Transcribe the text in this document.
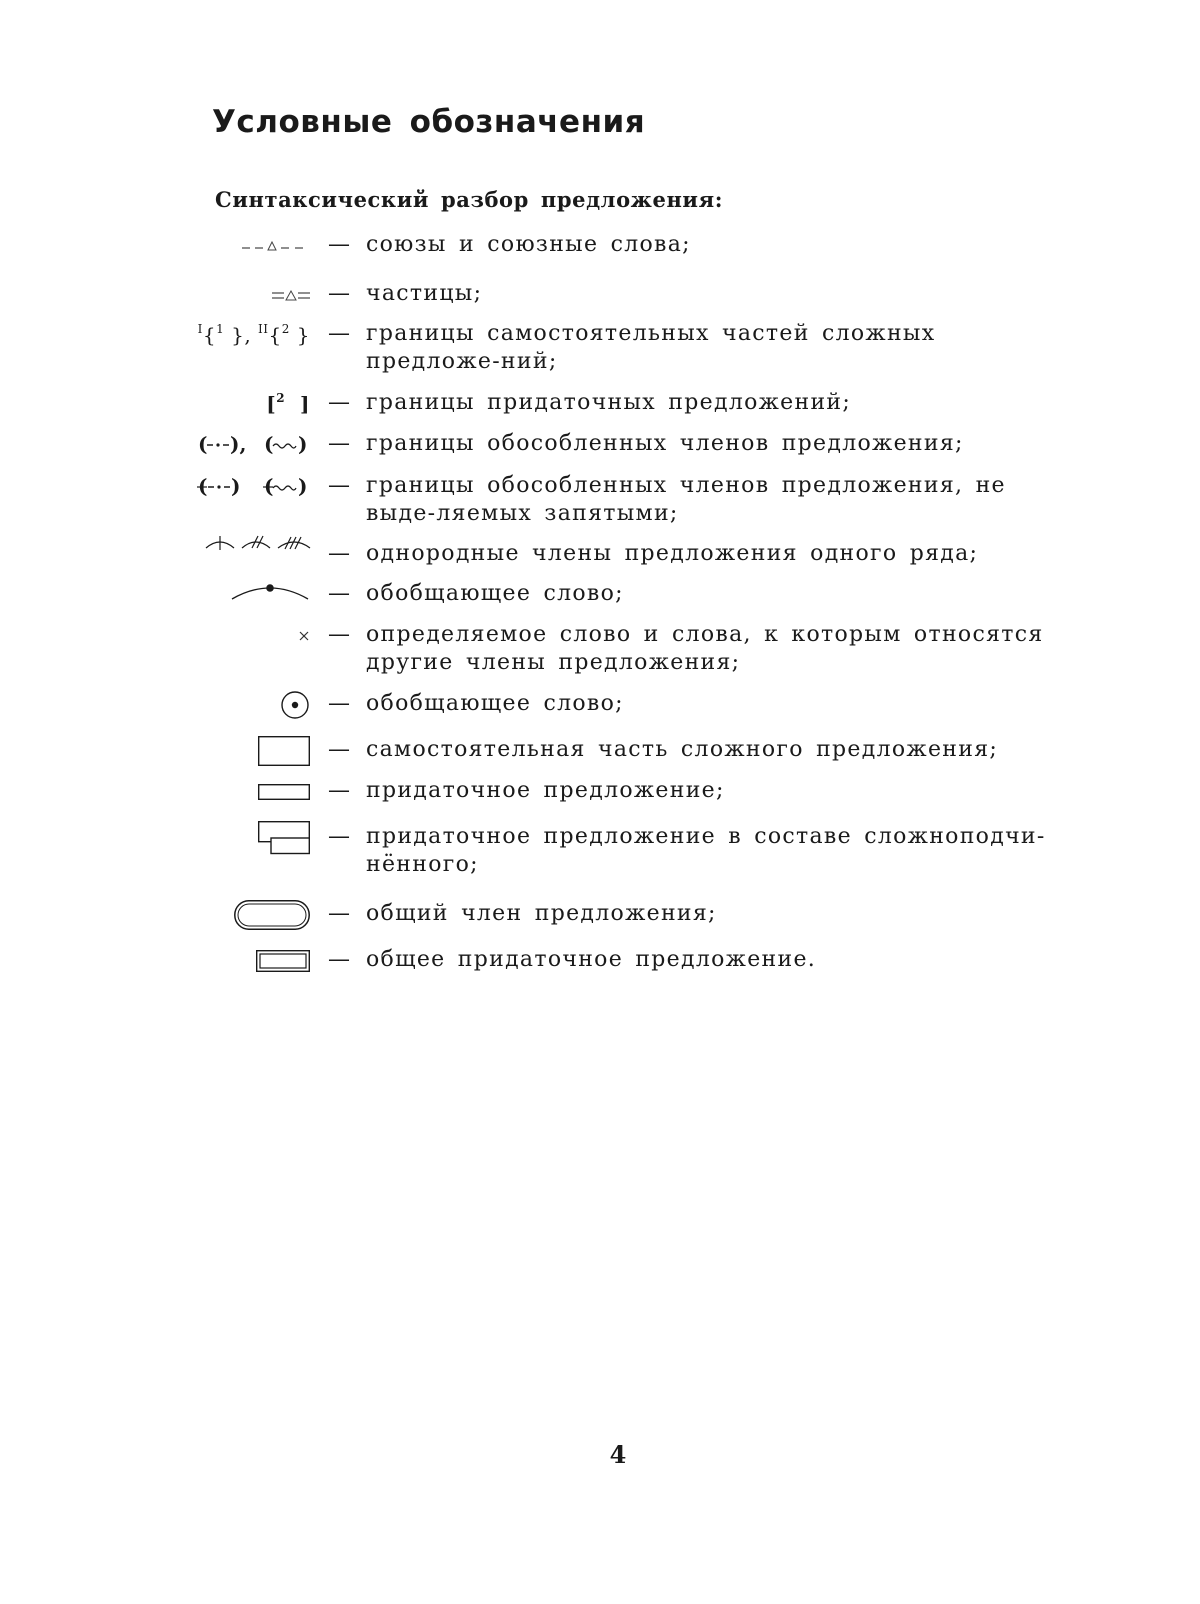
Условные обозначения
Синтаксический разбор предложения:
— союзы и союзные слова;
— частицы;
$^I${$^1$ }, $^{II}${$^2$ } — границы самостоятельных частей сложных предложе-ний;
[$^2$  ] — границы придаточных предложений;
( ), ( ) — границы обособленных членов предложения;
( ) ( ) — границы обособленных членов предложения, не выде-ляемых запятыми;
— однородные члены предложения одного ряда;
— обобщающее слово;
— определяемое слово и слова, к которым относятся другие члены предложения;
— обобщающее слово;
— самостоятельная часть сложного предложения;
— придаточное предложение;
— придаточное предложение в составе сложноподчи-нённого;
— общий член предложения;
— общее придаточное предложение.
4
